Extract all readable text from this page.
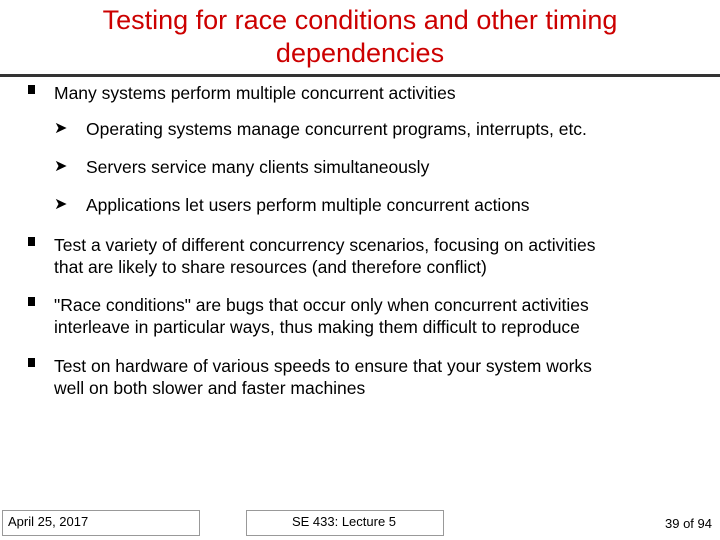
Testing for race conditions and other timing
dependencies
Many systems perform multiple concurrent activities
➤ Operating systems manage concurrent programs, interrupts, etc.
➤ Servers service many clients simultaneously
➤ Applications let users perform multiple concurrent actions
Test a variety of different concurrency scenarios, focusing on activities
that are likely to share resources (and therefore conflict)
"Race conditions" are bugs that occur only when concurrent activities
interleave in particular ways, thus making them difficult to reproduce
Test on hardware of various speeds to ensure that your system works
well on both slower and faster machines
April 25, 2017	SE 433: Lecture 5	39 of 94
